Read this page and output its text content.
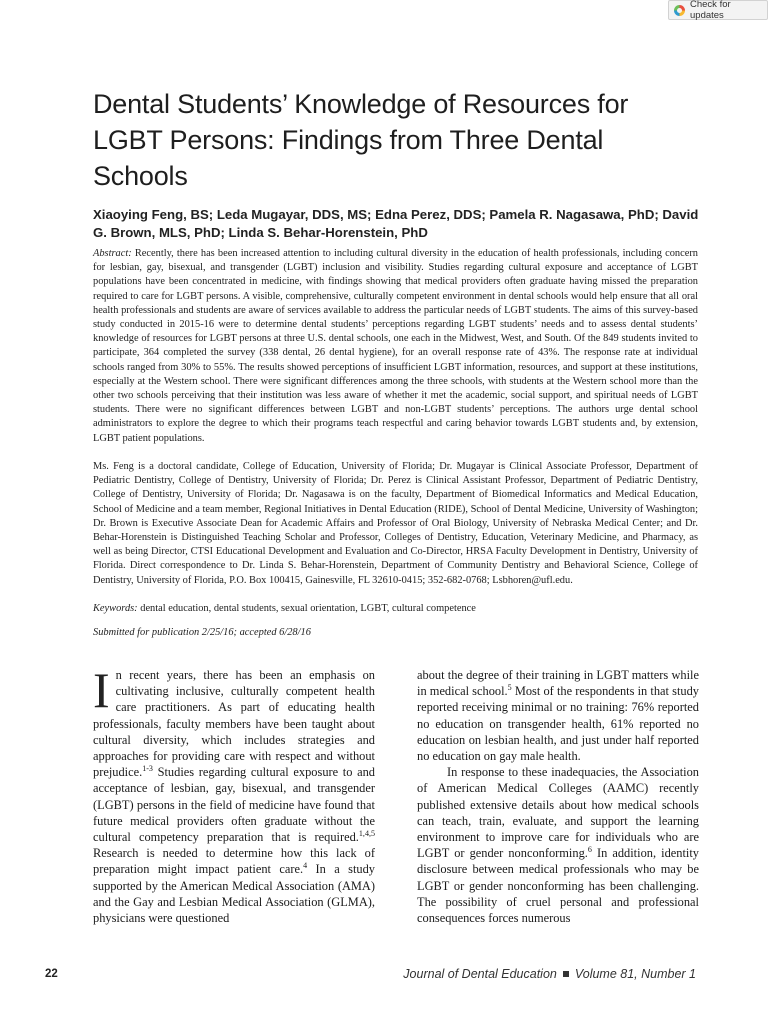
Check for updates
Dental Students’ Knowledge of Resources for LGBT Persons: Findings from Three Dental Schools

Xiaoying Feng, BS; Leda Mugayar, DDS, MS; Edna Perez, DDS; Pamela R. Nagasawa, PhD; David G. Brown, MLS, PhD; Linda S. Behar-Horenstein, PhD

Abstract: Recently, there has been increased attention to including cultural diversity in the education of health professionals, including concern for lesbian, gay, bisexual, and transgender (LGBT) inclusion and visibility. Studies regarding cultural exposure and acceptance of LGBT populations have been concentrated in medicine, with findings showing that medical providers often graduate having missed the preparation required to care for LGBT persons. A visible, comprehensive, culturally competent environment in dental schools would help ensure that all oral health professionals and students are aware of services available to address the particular needs of LGBT students. The aims of this survey-based study conducted in 2015-16 were to determine dental students’ perceptions regarding LGBT students’ needs and to assess dental students’ knowledge of resources for LGBT persons at three U.S. dental schools, one each in the Midwest, West, and South. Of the 849 students invited to participate, 364 completed the survey (338 dental, 26 dental hygiene), for an overall response rate of 43%. The response rate at individual schools ranged from 30% to 55%. The results showed perceptions of insufficient LGBT information, resources, and support at these institutions, especially at the Western school. There were significant differences among the three schools, with students at the Western school more than the other two schools perceiving that their institution was less aware of whether it met the academic, social support, and spiritual needs of LGBT students. There were no significant differences between LGBT and non-LGBT students’ perceptions. The authors urge dental school administrators to explore the degree to which their programs teach respectful and caring behavior towards LGBT students and, by extension, LGBT patient populations.

Ms. Feng is a doctoral candidate, College of Education, University of Florida; Dr. Mugayar is Clinical Associate Professor, Department of Pediatric Dentistry, College of Dentistry, University of Florida; Dr. Perez is Clinical Assistant Professor, Department of Pediatric Dentistry, College of Dentistry, University of Florida; Dr. Nagasawa is on the faculty, Department of Biomedical Informatics and Medical Education, School of Medicine and a team member, Regional Initiatives in Dental Education (RIDE), School of Dental Medicine, University of Washington; Dr. Brown is Executive Associate Dean for Academic Affairs and Professor of Oral Biology, University of Nebraska Medical Center; and Dr. Behar-Horenstein is Distinguished Teaching Scholar and Professor, Colleges of Dentistry, Education, Veterinary Medicine, and Pharmacy, as well as being Director, CTSI Educational Development and Evaluation and Co-Director, HRSA Faculty Development in Dentistry, University of Florida. Direct correspondence to Dr. Linda S. Behar-Horenstein, Department of Community Dentistry and Behavioral Science, College of Dentistry, University of Florida, P.O. Box 100415, Gainesville, FL 32610-0415; 352-682-0768; Lsbhoren@ufl.edu.

Keywords: dental education, dental students, sexual orientation, LGBT, cultural competence

Submitted for publication 2/25/16; accepted 6/28/16

In recent years, there has been an emphasis on cultivating inclusive, culturally competent health care practitioners. As part of educating health professionals, faculty members have been taught about cultural diversity, which includes strategies and approaches for providing care with respect and without prejudice.$^{1-3}$ Studies regarding cultural exposure to and acceptance of lesbian, gay, bisexual, and transgender (LGBT) persons in the field of medicine have found that future medical providers often graduate without the cultural competency preparation that is required.$^{1,4,5}$ Research is needed to determine how this lack of preparation might impact patient care.$^4$ In a study supported by the American Medical Association (AMA) and the Gay and Lesbian Medical Association (GLMA), physicians were questioned

about the degree of their training in LGBT matters while in medical school.$^5$ Most of the respondents in that study reported receiving minimal or no training: 76% reported no education on transgender health, 61% reported no education on lesbian health, and just under half reported no education on gay male health.

In response to these inadequacies, the Association of American Medical Colleges (AAMC) recently published extensive details about how medical schools can teach, train, evaluate, and support the learning environment to improve care for individuals who are LGBT or gender nonconforming.$^6$ In addition, identity disclosure between medical professionals who may be LGBT or gender nonconforming has been challenging. The possibility of cruel personal and professional consequences forces numerous

22	Journal of Dental Education Volume 81, Number 1
